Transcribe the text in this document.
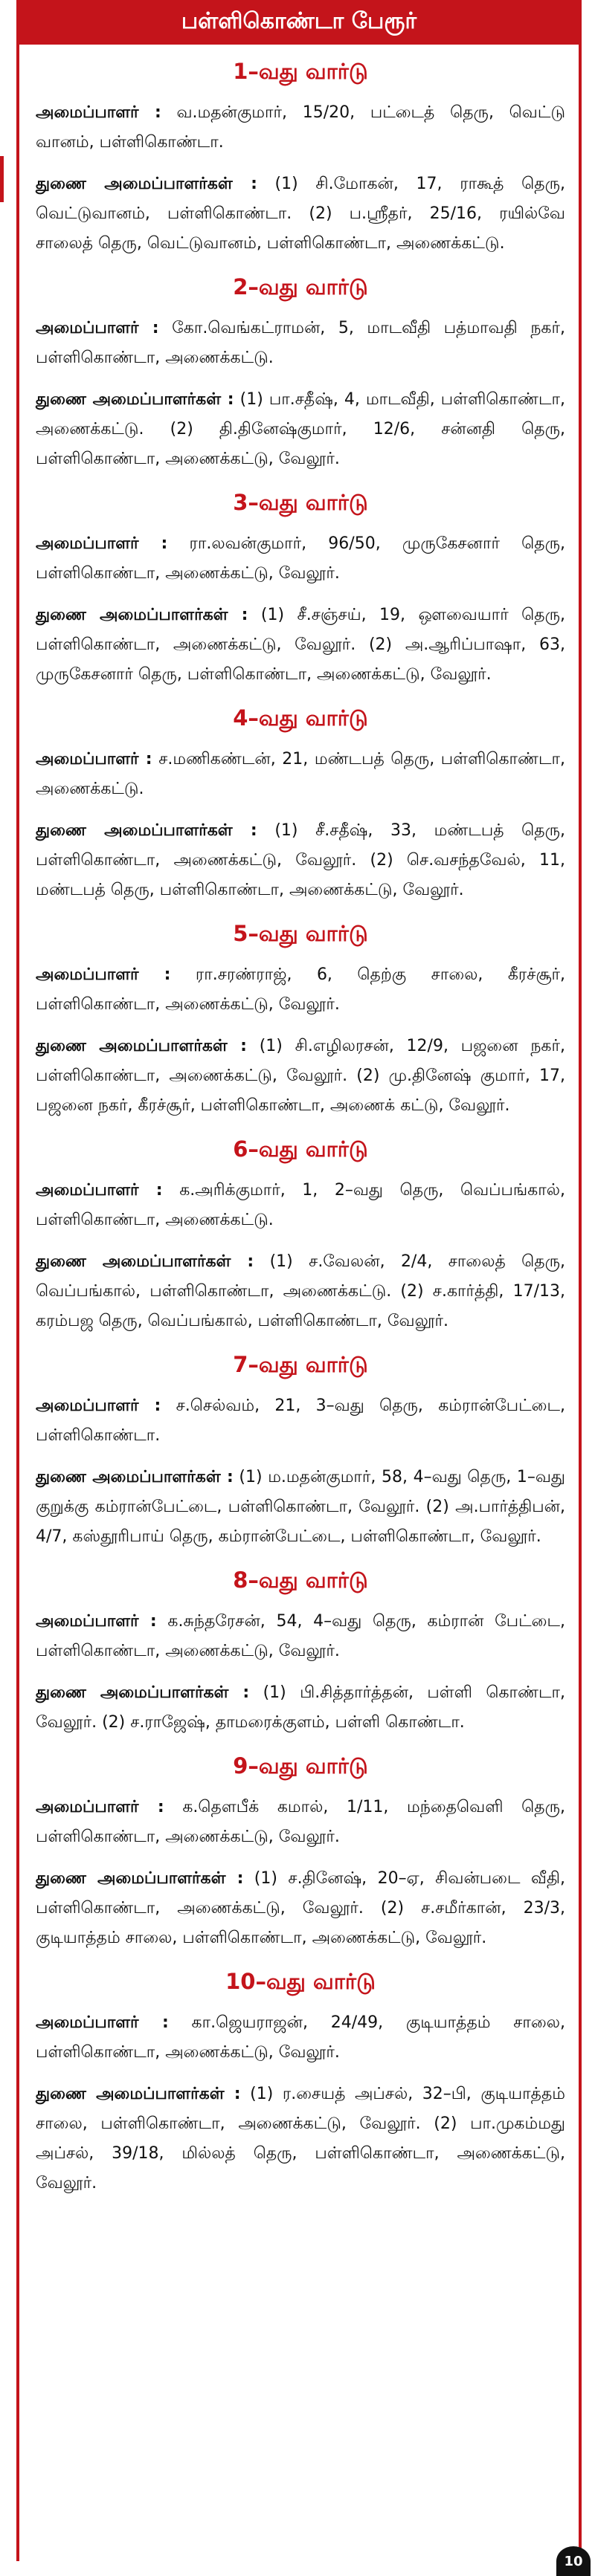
பள்ளிகொண்டா பேரூர்
1–வது வார்டு

அமைப்பாளர் : வ.மதன்குமார், 15/20, பட்டைத் தெரு, வெட்டு வானம், பள்ளிகொண்டா.

துணை அமைப்பாளர்கள் : (1) சி.மோகன், 17, ராகூத் தெரு, வெட்டுவானம், பள்ளிகொண்டா. (2) ப.ஸ்ரீதர், 25/16, ரயில்வே சாலைத் தெரு, வெட்டுவானம், பள்ளிகொண்டா, அணைக்கட்டு.

2–வது வார்டு

அமைப்பாளர் : கோ.வெங்கட்ராமன், 5, மாடவீதி பத்மாவதி நகர், பள்ளிகொண்டா, அணைக்கட்டு.

துணை அமைப்பாளர்கள் : (1) பா.சதீஷ், 4, மாடவீதி, பள்ளிகொண்டா, அணைக்கட்டு. (2) தி.தினேஷ்குமார், 12/6, சன்னதி தெரு, பள்ளிகொண்டா, அணைக்கட்டு, வேலூர்.

3–வது வார்டு

அமைப்பாளர் : ரா.லவன்குமார், 96/50, முருகேசனார் தெரு, பள்ளிகொண்டா, அணைக்கட்டு, வேலூர்.

துணை அமைப்பாளர்கள் : (1) சீ.சஞ்சய், 19, ஔவையார் தெரு, பள்ளிகொண்டா, அணைக்கட்டு, வேலூர். (2) அ.ஆரிப்பாஷா, 63, முருகேசனார் தெரு, பள்ளிகொண்டா, அணைக்கட்டு, வேலூர்.

4–வது வார்டு

அமைப்பாளர் : ச.மணிகண்டன், 21, மண்டபத் தெரு, பள்ளிகொண்டா, அணைக்கட்டு.

துணை அமைப்பாளர்கள் : (1) சீ.சதீஷ், 33, மண்டபத் தெரு, பள்ளிகொண்டா, அணைக்கட்டு, வேலூர். (2) செ.வசந்தவேல், 11, மண்டபத் தெரு, பள்ளிகொண்டா, அணைக்கட்டு, வேலூர்.

5–வது வார்டு

அமைப்பாளர் : ரா.சரண்ராஜ், 6, தெற்கு சாலை, கீரச்சூர், பள்ளிகொண்டா, அணைக்கட்டு, வேலூர்.

துணை அமைப்பாளர்கள் : (1) சி.எழிலரசன், 12/9, பஜனை நகர், பள்ளிகொண்டா, அணைக்கட்டு, வேலூர். (2) மு.தினேஷ் குமார், 17, பஜனை நகர், கீரச்சூர், பள்ளிகொண்டா, அணைக் கட்டு, வேலூர்.

6–வது வார்டு

அமைப்பாளர் : க.அரிக்குமார், 1, 2–வது தெரு, வெப்பங்கால், பள்ளிகொண்டா, அணைக்கட்டு.

துணை அமைப்பாளர்கள் : (1) ச.வேலன், 2/4, சாலைத் தெரு, வெப்பங்கால், பள்ளிகொண்டா, அணைக்கட்டு. (2) ச.கார்த்தி, 17/13, கரம்பஜ தெரு, வெப்பங்கால், பள்ளிகொண்டா, வேலூர்.

7–வது வார்டு

அமைப்பாளர் : ச.செல்வம், 21, 3–வது தெரு, கம்ரான்பேட்டை, பள்ளிகொண்டா.

துணை அமைப்பாளர்கள் : (1) ம.மதன்குமார், 58, 4–வது தெரு, 1–வது குறுக்கு கம்ரான்பேட்டை, பள்ளிகொண்டா, வேலூர். (2) அ.பார்த்திபன், 4/7, கஸ்தூரிபாய் தெரு, கம்ரான்பேட்டை, பள்ளிகொண்டா, வேலூர்.

8–வது வார்டு

அமைப்பாளர் : க.சுந்தரேசன், 54, 4–வது தெரு, கம்ரான் பேட்டை, பள்ளிகொண்டா, அணைக்கட்டு, வேலூர்.

துணை அமைப்பாளர்கள் : (1) பி.சித்தார்த்தன், பள்ளி கொண்டா, வேலூர். (2) ச.ராஜேஷ், தாமரைக்குளம், பள்ளி கொண்டா.

9–வது வார்டு

அமைப்பாளர் : க.தௌபீக் கமால், 1/11, மந்தைவெளி தெரு, பள்ளிகொண்டா, அணைக்கட்டு, வேலூர்.

துணை அமைப்பாளர்கள் : (1) ச.தினேஷ், 20–ஏ, சிவன்படை வீதி, பள்ளிகொண்டா, அணைக்கட்டு, வேலூர். (2) ச.சமீர்கான், 23/3, குடியாத்தம் சாலை, பள்ளிகொண்டா, அணைக்கட்டு, வேலூர்.

10–வது வார்டு

அமைப்பாளர் : கா.ஜெயராஜன், 24/49, குடியாத்தம் சாலை, பள்ளிகொண்டா, அணைக்கட்டு, வேலூர்.

துணை அமைப்பாளர்கள் : (1) ர.சையத் அப்சல், 32–பி, குடியாத்தம் சாலை, பள்ளிகொண்டா, அணைக்கட்டு, வேலூர். (2) பா.முகம்மது அப்சல், 39/18, மில்லத் தெரு, பள்ளிகொண்டா, அணைக்கட்டு, வேலூர்.

10
